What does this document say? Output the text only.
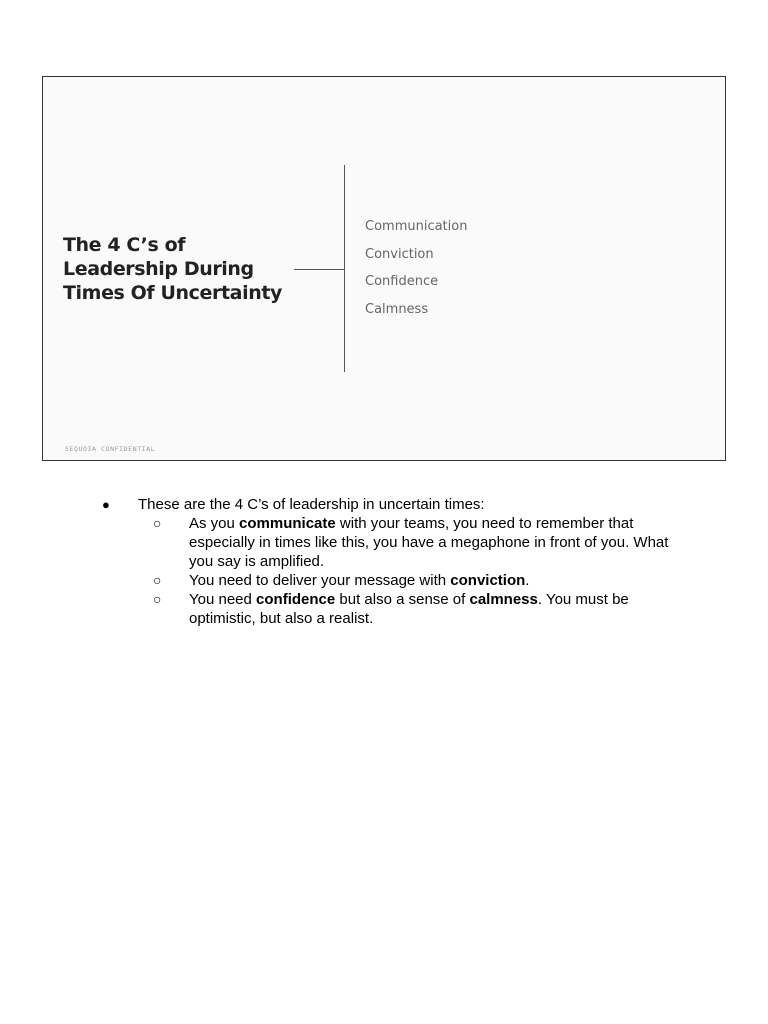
The 4 C’s of
Leadership During
Times Of Uncertainty
Communication
Conviction
Confidence
Calmness
SEQUOIA CONFIDENTIAL
● These are the 4 C’s of leadership in uncertain times:
○ As you communicate with your teams, you need to remember that especially in times like this, you have a megaphone in front of you. What you say is amplified.
○ You need to deliver your message with conviction.
○ You need confidence but also a sense of calmness. You must be optimistic, but also a realist.
